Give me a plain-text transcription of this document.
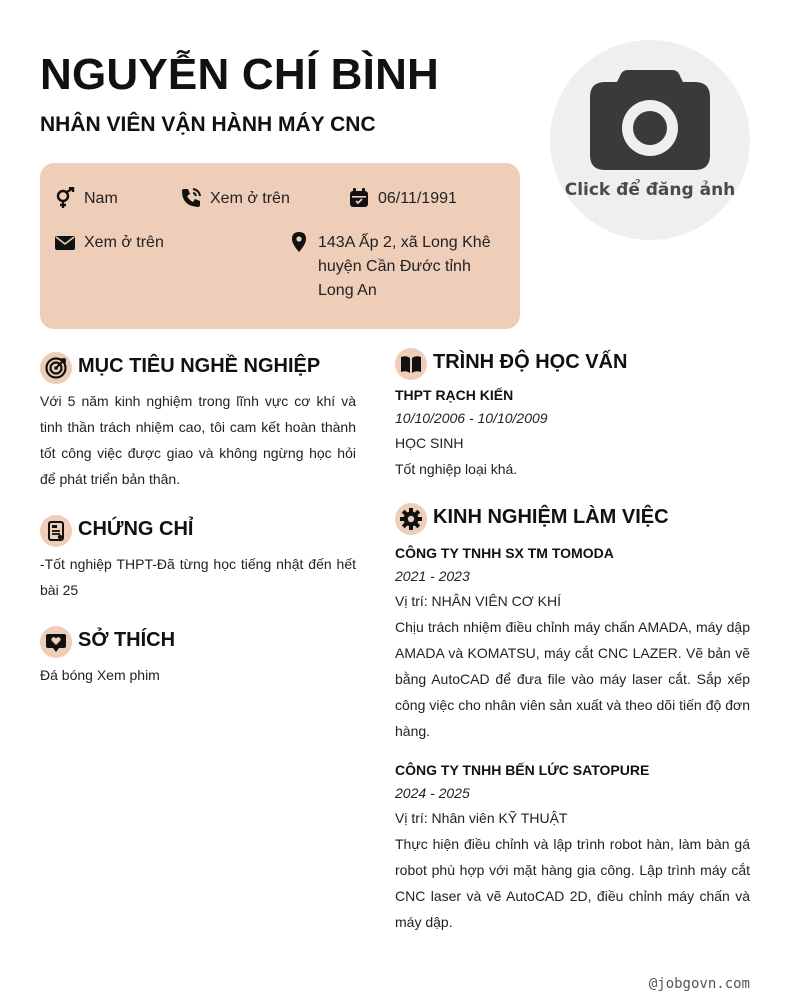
NGUYỄN CHÍ BÌNH
NHÂN VIÊN VẬN HÀNH MÁY CNC
Click để đăng ảnh
Nam	Xem ở trên	06/11/1991
Xem ở trên	143A Ấp 2, xã Long Khê huyện Cần Đước tỉnh Long An
MỤC TIÊU NGHỀ NGHIỆP
Với 5 năm kinh nghiệm trong lĩnh vực cơ khí và tinh thần trách nhiệm cao, tôi cam kết hoàn thành tốt công việc được giao và không ngừng học hỏi để phát triển bản thân.
CHỨNG CHỈ
-Tốt nghiệp THPT-Đã từng học tiếng nhật đến hết bài 25
SỞ THÍCH
Đá bóng Xem phim
TRÌNH ĐỘ HỌC VẤN
THPT RẠCH KIẾN
10/10/2006 - 10/10/2009
HỌC SINH
Tốt nghiệp loại khá.
KINH NGHIỆM LÀM VIỆC
CÔNG TY TNHH SX TM TOMODA
2021 - 2023
Vị trí: NHÂN VIÊN CƠ KHÍ
Chịu trách nhiệm điều chỉnh máy chấn AMADA, máy dập AMADA và KOMATSU, máy cắt CNC LAZER. Vẽ bản vẽ bằng AutoCAD để đưa file vào máy laser cắt. Sắp xếp công việc cho nhân viên sản xuất và theo dõi tiến độ đơn hàng.
CÔNG TY TNHH BẾN LỨC SATOPURE
2024 - 2025
Vị trí: Nhân viên KỸ THUẬT
Thực hiện điều chỉnh và lập trình robot hàn, làm bàn gá robot phù hợp với mặt hàng gia công. Lập trình máy cắt CNC laser và vẽ AutoCAD 2D, điều chỉnh máy chấn và máy dập.
@jobgovn.com
